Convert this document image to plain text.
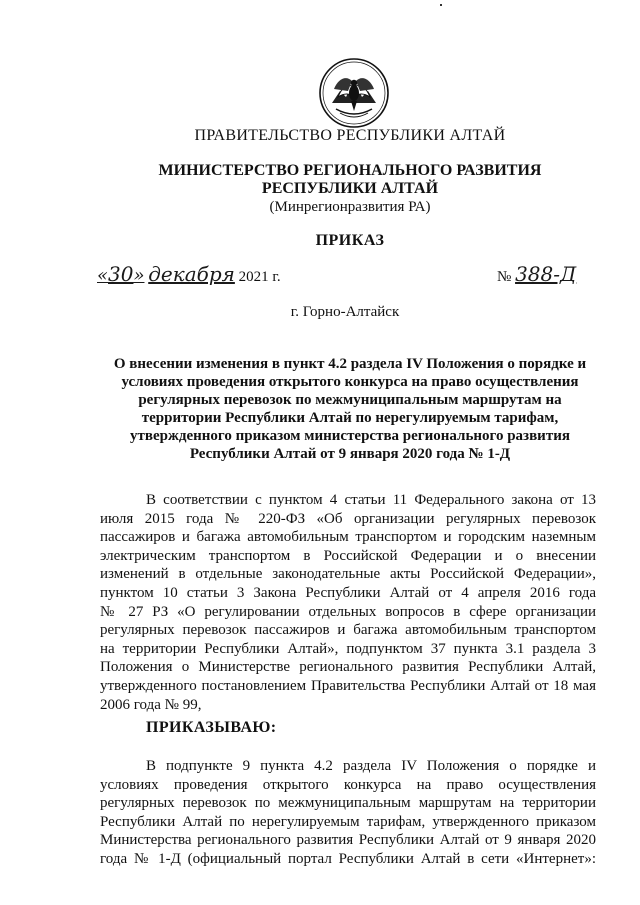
ПРАВИТЕЛЬСТВО РЕСПУБЛИКИ АЛТАЙ
МИНИСТЕРСТВО РЕГИОНАЛЬНОГО РАЗВИТИЯ
РЕСПУБЛИКИ АЛТАЙ
(Минрегионразвития РА)
ПРИКАЗ
«30» декабря 2021 г.	№ 388-Д
г. Горно-Алтайск
О внесении изменения в пункт 4.2 раздела IV Положения о порядке и
условиях проведения открытого конкурса на право осуществления
регулярных перевозок по межмуниципальным маршрутам на
территории Республики Алтай по нерегулируемым тарифам,
утвержденного приказом министерства регионального развития
Республики Алтай от 9 января 2020 года № 1-Д
В соответствии с пунктом 4 статьи 11 Федерального закона от 13
июля 2015 года № 220-ФЗ «Об организации регулярных перевозок
пассажиров и багажа автомобильным транспортом и городским наземным
электрическим транспортом в Российской Федерации и о внесении
изменений в отдельные законодательные акты Российской Федерации»,
пунктом 10 статьи 3 Закона Республики Алтай от 4 апреля 2016 года
№ 27 РЗ «О регулировании отдельных вопросов в сфере организации
регулярных перевозок пассажиров и багажа автомобильным транспортом
на территории Республики Алтай», подпунктом 37 пункта 3.1 раздела 3
Положения о Министерстве регионального развития Республики Алтай,
утвержденного постановлением Правительства Республики Алтай от 18 мая
2006 года № 99,
ПРИКАЗЫВАЮ:
В подпункте 9 пункта 4.2 раздела IV Положения о порядке и
условиях проведения открытого конкурса на право осуществления
регулярных перевозок по межмуниципальным маршрутам на территории
Республики Алтай по нерегулируемым тарифам, утвержденного приказом
Министерства регионального развития Республики Алтай от 9 января 2020
года № 1-Д (официальный портал Республики Алтай в сети «Интернет»:
